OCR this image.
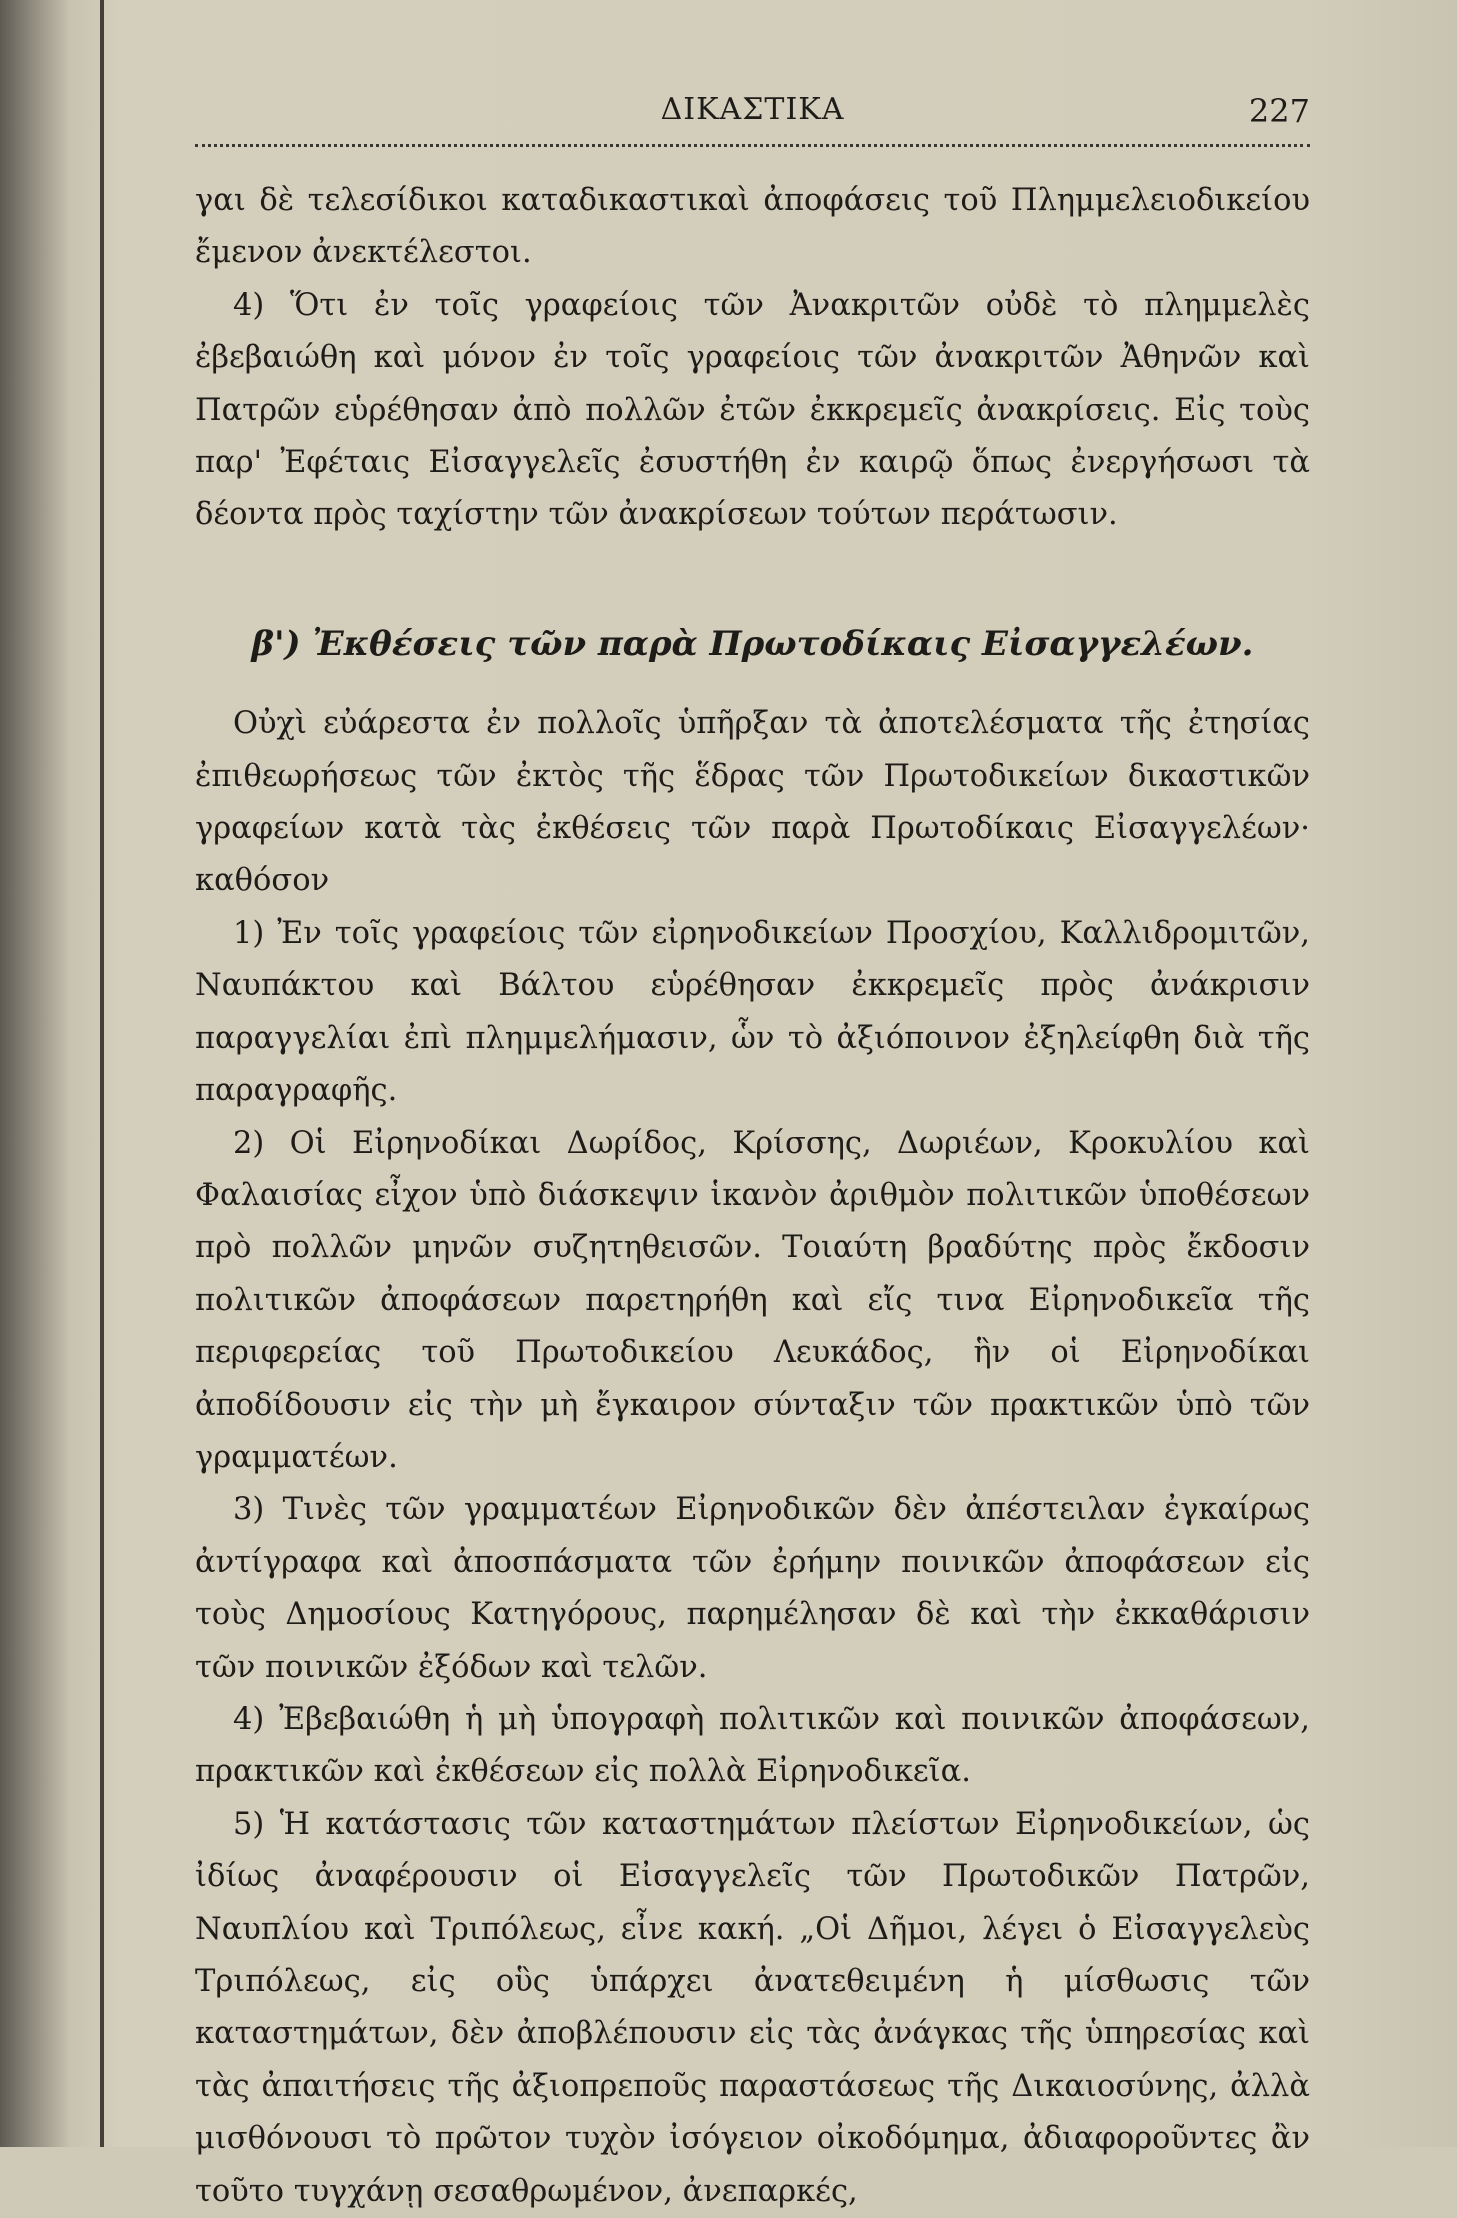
ΔΙΚΑΣΤΙΚΑ	227

γαι δὲ τελεσίδικοι καταδικαστικαὶ ἀποφάσεις τοῦ Πλημμελειοδικείου ἔμενον ἀνεκτέλεστοι.

4) Ὅτι ἐν τοῖς γραφείοις τῶν Ἀνακριτῶν οὐδὲ τὸ πλημμελὲς ἐβεβαιώθη καὶ μόνον ἐν τοῖς γραφείοις τῶν ἀνακριτῶν Ἀθηνῶν καὶ Πατρῶν εὑρέθησαν ἀπὸ πολλῶν ἐτῶν ἐκκρεμεῖς ἀνακρίσεις. Εἰς τοὺς παρ' Ἐφέταις Εἰσαγγελεῖς ἐσυστήθη ἐν καιρῷ ὅπως ἐνεργήσωσι τὰ δέοντα πρὸς ταχίστην τῶν ἀνακρίσεων τούτων περάτωσιν.

β') Ἐκθέσεις τῶν παρὰ Πρωτοδίκαις Εἰσαγγελέων.

Οὐχὶ εὐάρεστα ἐν πολλοῖς ὑπῆρξαν τὰ ἀποτελέσματα τῆς ἐτησίας ἐπιθεωρήσεως τῶν ἐκτὸς τῆς ἕδρας τῶν Πρωτοδικείων δικαστικῶν γραφείων κατὰ τὰς ἐκθέσεις τῶν παρὰ Πρωτοδίκαις Εἰσαγγελέων· καθόσον

1) Ἐν τοῖς γραφείοις τῶν εἰρηνοδικείων Προσχίου, Καλλιδρομιτῶν, Ναυπάκτου καὶ Βάλτου εὑρέθησαν ἐκκρεμεῖς πρὸς ἀνάκρισιν παραγγελίαι ἐπὶ πλημμελήμασιν, ὧν τὸ ἀξιόποινον ἐξηλείφθη διὰ τῆς παραγραφῆς.

2) Οἱ Εἰρηνοδίκαι Δωρίδος, Κρίσσης, Δωριέων, Κροκυλίου καὶ Φαλαισίας εἶχον ὑπὸ διάσκεψιν ἱκανὸν ἀριθμὸν πολιτικῶν ὑποθέσεων πρὸ πολλῶν μηνῶν συζητηθεισῶν. Τοιαύτη βραδύτης πρὸς ἔκδοσιν πολιτικῶν ἀποφάσεων παρετηρήθη καὶ εἴς τινα Εἰρηνοδικεῖα τῆς περιφερείας τοῦ Πρωτοδικείου Λευκάδος, ἣν οἱ Εἰρηνοδίκαι ἀποδίδουσιν εἰς τὴν μὴ ἔγκαιρον σύνταξιν τῶν πρακτικῶν ὑπὸ τῶν γραμματέων.

3) Τινὲς τῶν γραμματέων Εἰρηνοδικῶν δὲν ἀπέστειλαν ἐγκαίρως ἀντίγραφα καὶ ἀποσπάσματα τῶν ἐρήμην ποινικῶν ἀποφάσεων εἰς τοὺς Δημοσίους Κατηγόρους, παρημέλησαν δὲ καὶ τὴν ἐκκαθάρισιν τῶν ποινικῶν ἐξόδων καὶ τελῶν.

4) Ἐβεβαιώθη ἡ μὴ ὑπογραφὴ πολιτικῶν καὶ ποινικῶν ἀποφάσεων, πρακτικῶν καὶ ἐκθέσεων εἰς πολλὰ Εἰρηνοδικεῖα.

5) Ἡ κατάστασις τῶν καταστημάτων πλείστων Εἰρηνοδικείων, ὡς ἰδίως ἀναφέρουσιν οἱ Εἰσαγγελεῖς τῶν Πρωτοδικῶν Πατρῶν, Ναυπλίου καὶ Τριπόλεως, εἶνε κακή. „Οἱ Δῆμοι, λέγει ὁ Εἰσαγγελεὺς Τριπόλεως, εἰς οὓς ὑπάρχει ἀνατεθειμένη ἡ μίσθωσις τῶν καταστημάτων, δὲν ἀποβλέπουσιν εἰς τὰς ἀνάγκας τῆς ὑπηρεσίας καὶ τὰς ἀπαιτήσεις τῆς ἀξιοπρεποῦς παραστάσεως τῆς Δικαιοσύνης, ἀλλὰ μισθόνουσι τὸ πρῶτον τυχὸν ἰσόγειον οἰκοδόμημα, ἀδιαφοροῦντες ἂν τοῦτο τυγχάνῃ σεσαθρωμένον, ἀνεπαρκές,
